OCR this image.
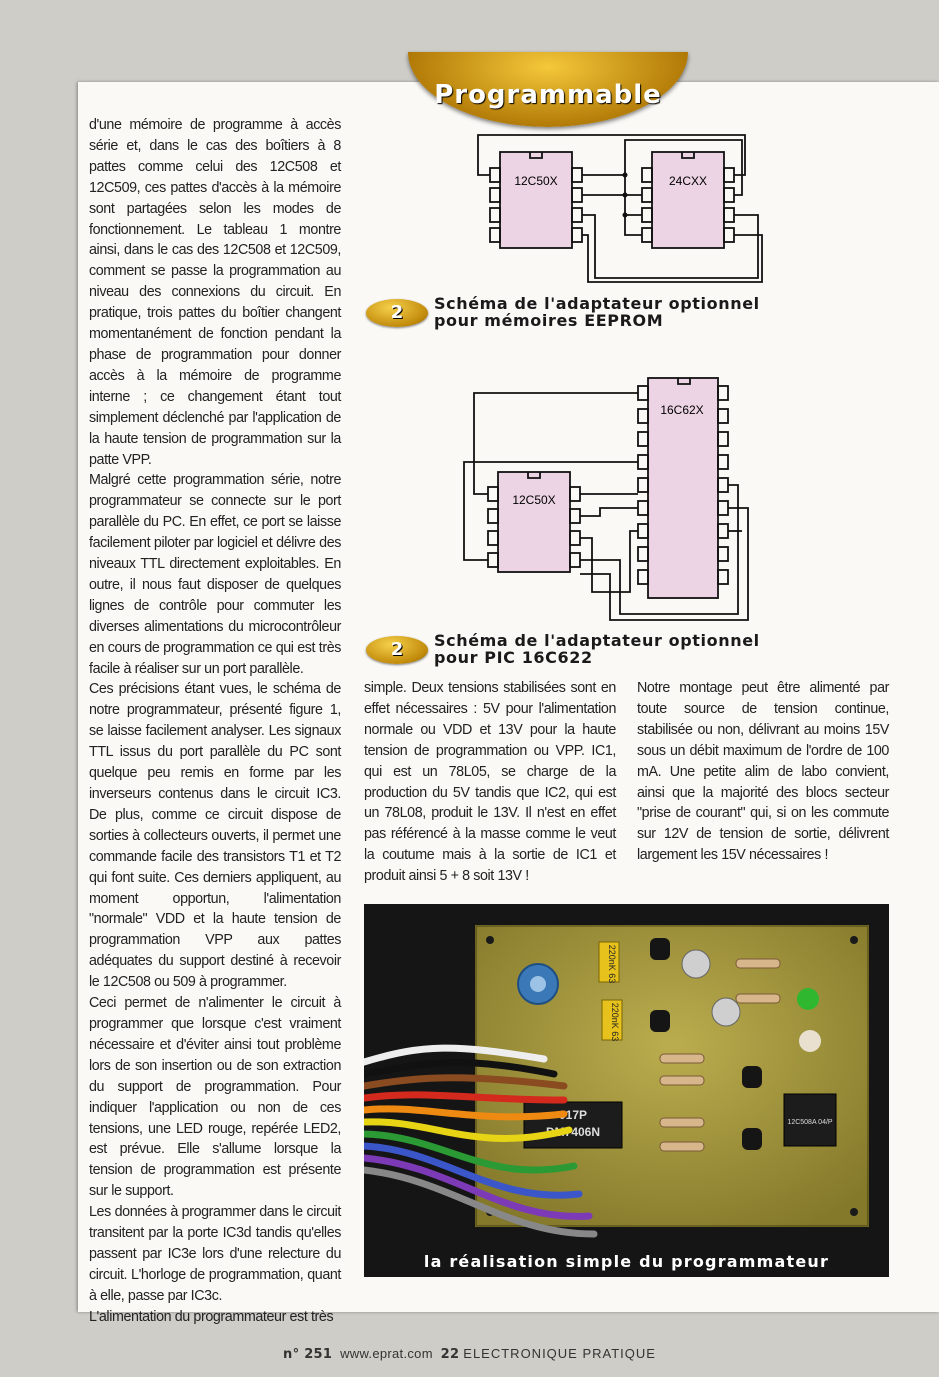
Programmable

d'une mémoire de programme à accès série et, dans le cas des boîtiers à 8 pattes comme celui des 12C508 et 12C509, ces pattes d'accès à la mémoire sont partagées selon les modes de fonctionnement. Le tableau 1 montre ainsi, dans le cas des 12C508 et 12C509, comment se passe la programmation au niveau des connexions du circuit. En pratique, trois pattes du boîtier changent momentanément de fonction pendant la phase de programmation pour donner accès à la mémoire de programme interne ; ce changement étant tout simplement déclenché par l'application de la haute tension de programmation sur la patte VPP.

Malgré cette programmation série, notre programmateur se connecte sur le port parallèle du PC. En effet, ce port se laisse facilement piloter par logiciel et délivre des niveaux TTL directement exploitables. En outre, il nous faut disposer de quelques lignes de contrôle pour commuter les diverses alimentations du microcontrôleur en cours de programmation ce qui est très facile à réaliser sur un port parallèle.

Ces précisions étant vues, le schéma de notre programmateur, présenté figure 1, se laisse facilement analyser. Les signaux TTL issus du port parallèle du PC sont quelque peu remis en forme par les inverseurs contenus dans le circuit IC3. De plus, comme ce circuit dispose de sorties à collecteurs ouverts, il permet une commande facile des transistors T1 et T2 qui font suite. Ces derniers appliquent, au moment opportun, l'alimentation "normale" VDD et la haute tension de programmation VPP aux pattes adéquates du support destiné à recevoir le 12C508 ou 509 à programmer.

Ceci permet de n'alimenter le circuit à programmer que lorsque c'est vraiment nécessaire et d'éviter ainsi tout problème lors de son insertion ou de son extraction du support de programmation. Pour indiquer l'application ou non de ces tensions, une LED rouge, repérée LED2, est prévue. Elle s'allume lorsque la tension de programmation est présente sur le support.

Les données à programmer dans le circuit transitent par la porte IC3d tandis qu'elles passent par IC3e lors d'une relecture du circuit. L'horloge de programmation, quant à elle, passe par IC3c.

L'alimentation du programmateur est très

12C50X	24CXX
2	Schéma de l'adaptateur optionnel
pour mémoires EEPROM
16C62X
12C50X
2	Schéma de l'adaptateur optionnel
pour PIC 16C622

simple. Deux tensions stabilisées sont en effet nécessaires : 5V pour l'alimentation normale ou VDD et 13V pour la haute tension de programmation ou VPP. IC1, qui est un 78L05, se charge de la production du 5V tandis que IC2, qui est un 78L08, produit le 13V. Il n'est en effet pas référencé à la masse comme le veut la coutume mais à la sortie de IC1 et produit ainsi 5 + 8 soit 13V !

Notre montage peut être alimenté par toute source de tension continue, stabilisée ou non, délivrant au moins 15V sous un débit maximum de l'ordre de 100 mA. Une petite alim de labo convient, ainsi que la majorité des blocs secteur "prise de courant" qui, si on les commute sur 12V de tension de sortie, délivrent largement les 15V nécessaires !

220nK 63
220nK 63
017P
DM7406N
12C508A 04/P
la réalisation simple du programmateur
n° 251 www.eprat.com 22 ELECTRONIQUE PRATIQUE
